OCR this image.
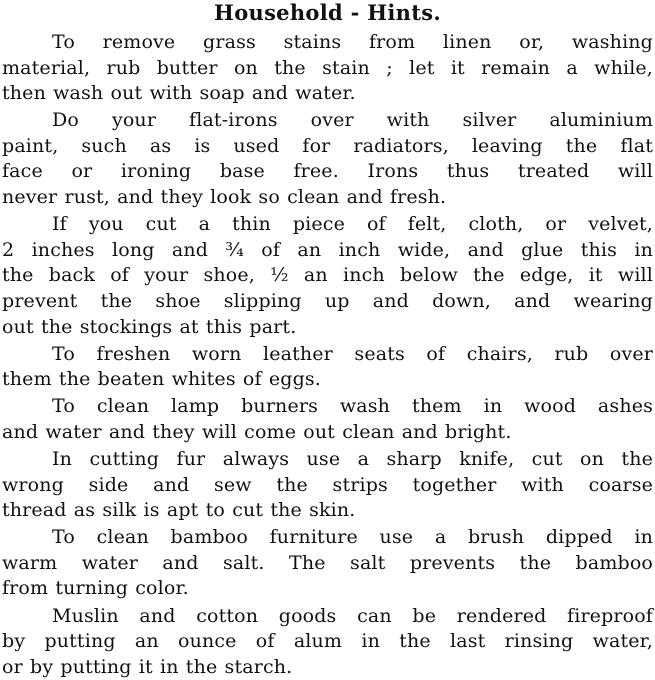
Household - Hints.
To remove grass stains from linen or, washing
material, rub butter on the stain ; let it remain a while,
then wash out with soap and water.
Do your flat-irons over with silver aluminium
paint, such as is used for radiators, leaving the flat
face or ironing base free. Irons thus treated will
never rust, and they look so clean and fresh.
If you cut a thin piece of felt, cloth, or velvet,
2 inches long and ¾ of an inch wide, and glue this in
the back of your shoe, ½ an inch below the edge, it will
prevent the shoe slipping up and down, and wearing
out the stockings at this part.
To freshen worn leather seats of chairs, rub over
them the beaten whites of eggs.
To clean lamp burners wash them in wood ashes
and water and they will come out clean and bright.
In cutting fur always use a sharp knife, cut on the
wrong side and sew the strips together with coarse
thread as silk is apt to cut the skin.
To clean bamboo furniture use a brush dipped in
warm water and salt. The salt prevents the bamboo
from turning color.
Muslin and cotton goods can be rendered fireproof
by putting an ounce of alum in the last rinsing water,
or by putting it in the starch.
